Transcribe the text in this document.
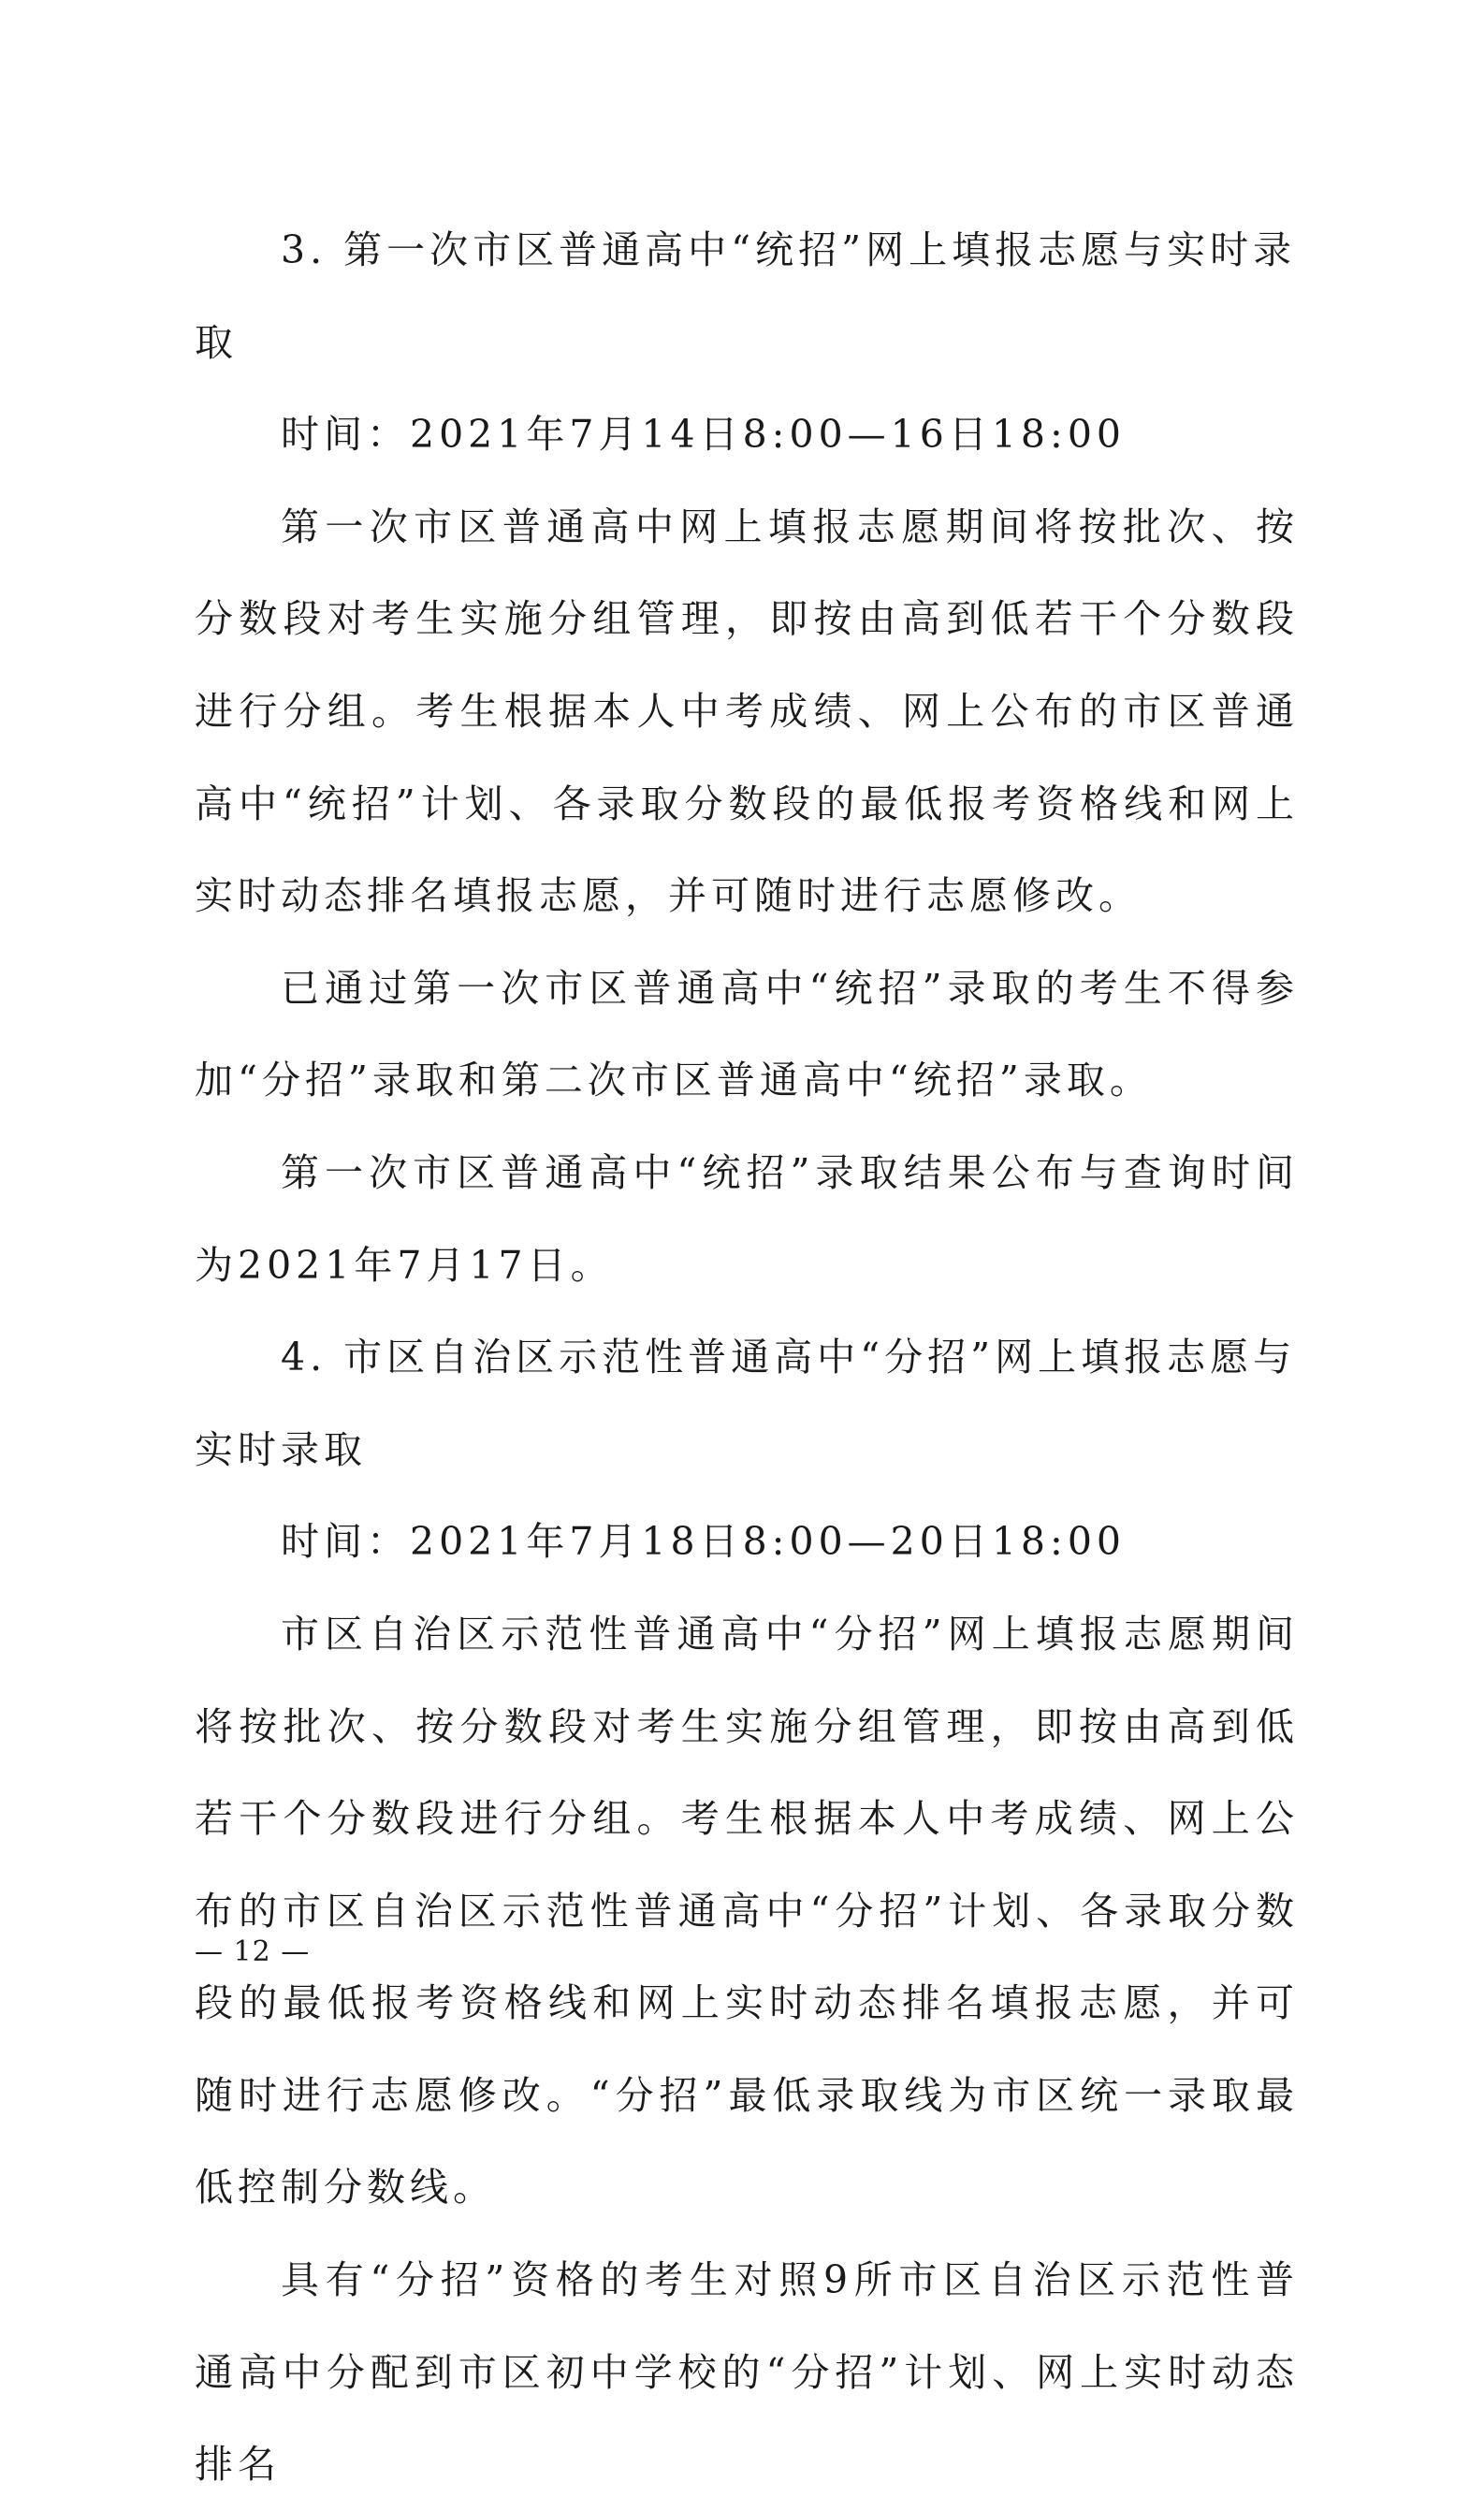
3. 第一次市区普通高中“统招”网上填报志愿与实时录取

时间：2021年7月14日8:00—16日18:00

第一次市区普通高中网上填报志愿期间将按批次、按分数段对考生实施分组管理，即按由高到低若干个分数段进行分组。考生根据本人中考成绩、网上公布的市区普通高中“统招”计划、各录取分数段的最低报考资格线和网上实时动态排名填报志愿，并可随时进行志愿修改。

已通过第一次市区普通高中“统招”录取的考生不得参加“分招”录取和第二次市区普通高中“统招”录取。

第一次市区普通高中“统招”录取结果公布与查询时间为2021年7月17日。

4. 市区自治区示范性普通高中“分招”网上填报志愿与实时录取

时间：2021年7月18日8:00—20日18:00

市区自治区示范性普通高中“分招”网上填报志愿期间将按批次、按分数段对考生实施分组管理，即按由高到低若干个分数段进行分组。考生根据本人中考成绩、网上公布的市区自治区示范性普通高中“分招”计划、各录取分数段的最低报考资格线和网上实时动态排名填报志愿，并可随时进行志愿修改。“分招”最低录取线为市区统一录取最低控制分数线。

具有“分招”资格的考生对照9所市区自治区示范性普通高中分配到市区初中学校的“分招”计划、网上实时动态排名

— 12 —
